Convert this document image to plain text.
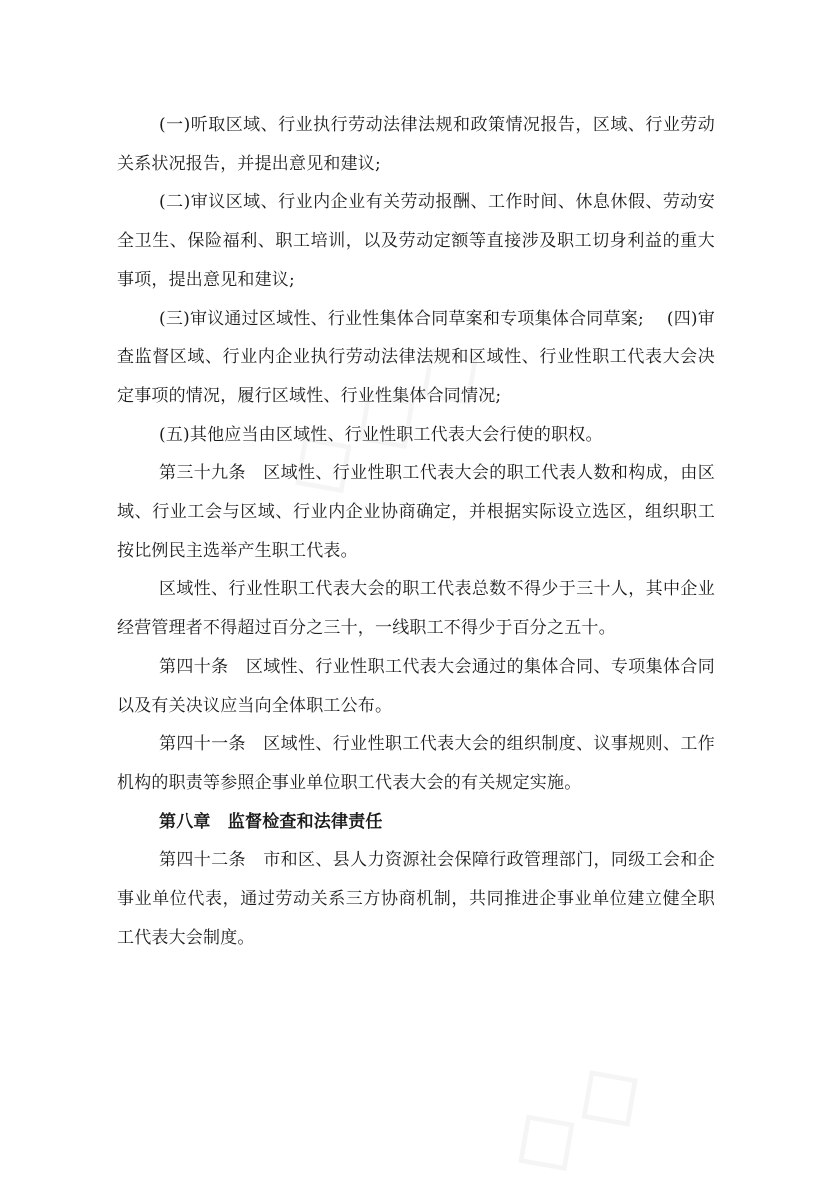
(一)听取区域、行业执行劳动法律法规和政策情况报告，区域、行业劳动关系状况报告，并提出意见和建议;

(二)审议区域、行业内企业有关劳动报酬、工作时间、休息休假、劳动安全卫生、保险福利、职工培训，以及劳动定额等直接涉及职工切身利益的重大事项，提出意见和建议;

(三)审议通过区域性、行业性集体合同草案和专项集体合同草案;　 (四)审查监督区域、行业内企业执行劳动法律法规和区域性、行业性职工代表大会决定事项的情况，履行区域性、行业性集体合同情况;

(五)其他应当由区域性、行业性职工代表大会行使的职权。

第三十九条　区域性、行业性职工代表大会的职工代表人数和构成，由区域、行业工会与区域、行业内企业协商确定，并根据实际设立选区，组织职工按比例民主选举产生职工代表。

区域性、行业性职工代表大会的职工代表总数不得少于三十人，其中企业经营管理者不得超过百分之三十，一线职工不得少于百分之五十。

第四十条　区域性、行业性职工代表大会通过的集体合同、专项集体合同以及有关决议应当向全体职工公布。

第四十一条　区域性、行业性职工代表大会的组织制度、议事规则、工作机构的职责等参照企事业单位职工代表大会的有关规定实施。

第八章　监督检查和法律责任

第四十二条　市和区、县人力资源社会保障行政管理部门，同级工会和企事业单位代表，通过劳动关系三方协商机制，共同推进企事业单位建立健全职工代表大会制度。
